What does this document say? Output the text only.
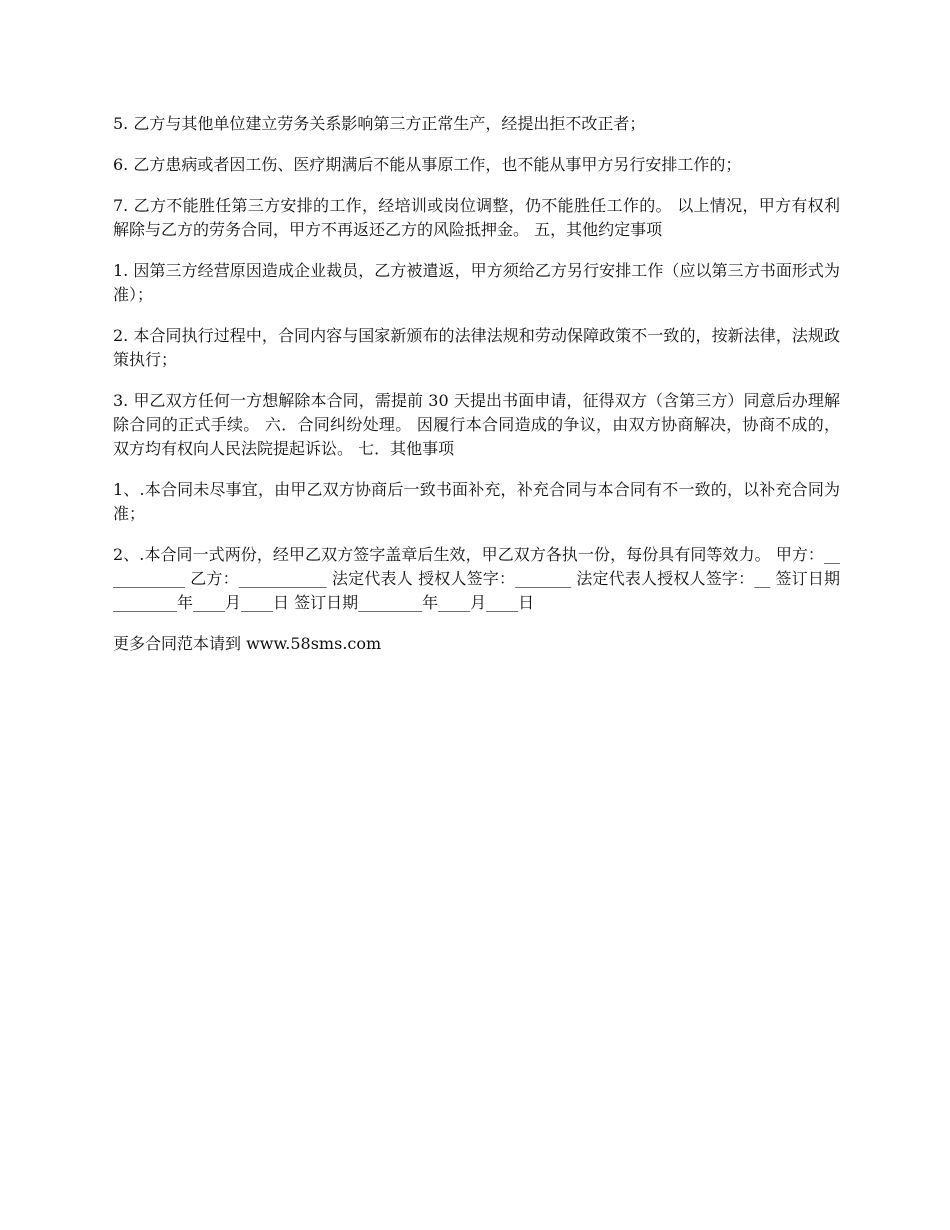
5. 乙方与其他单位建立劳务关系影响第三方正常生产，经提出拒不改正者；

6. 乙方患病或者因工伤、医疗期满后不能从事原工作，也不能从事甲方另行安排工作的；

7. 乙方不能胜任第三方安排的工作，经培训或岗位调整，仍不能胜任工作的。 以上情况，甲方有权利解除与乙方的劳务合同，甲方不再返还乙方的风险抵押金。 五，其他约定事项

1. 因第三方经营原因造成企业裁员，乙方被遣返，甲方须给乙方另行安排工作（应以第三方书面形式为准）；

2. 本合同执行过程中，合同内容与国家新颁布的法律法规和劳动保障政策不一致的，按新法律，法规政策执行；

3. 甲乙双方任何一方想解除本合同，需提前 30 天提出书面申请，征得双方（含第三方）同意后办理解除合同的正式手续。 六．合同纠纷处理。 因履行本合同造成的争议，由双方协商解决，协商不成的，双方均有权向人民法院提起诉讼。 七．其他事项

1、.本合同未尽事宜，由甲乙双方协商后一致书面补充，补充合同与本合同有不一致的，以补充合同为准；

2、.本合同一式两份，经甲乙双方签字盖章后生效，甲乙双方各执一份，每份具有同等效力。 甲方：___________ 乙方：___________ 法定代表人 授权人签字：_______ 法定代表人授权人签字：__ 签订日期________年____月____日 签订日期________年____月____日

更多合同范本请到 www.58sms.com
